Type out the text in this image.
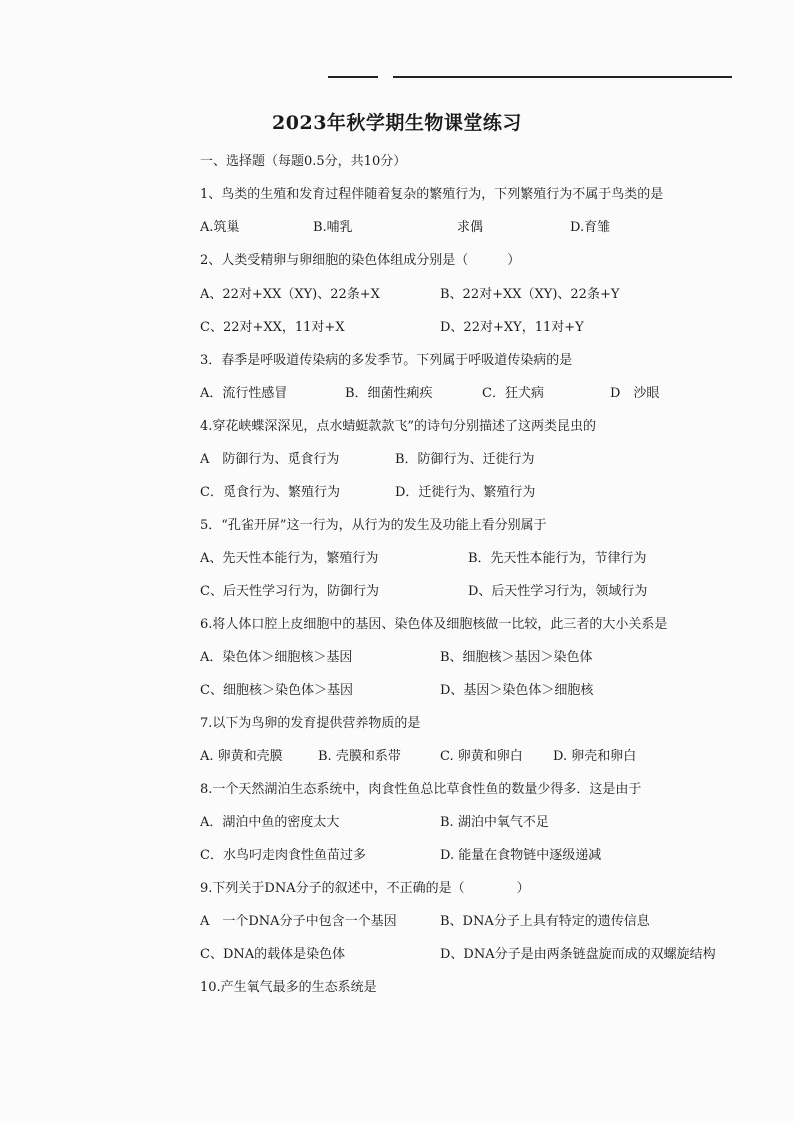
2023年秋学期生物课堂练习
一、选择题（每题0.5分，共10分）
1、鸟类的生殖和发育过程伴随着复杂的繁殖行为，下列繁殖行为不属于鸟类的是
A.筑巢	B.哺乳	求偶	D.育雏
2、人类受精卵与卵细胞的染色体组成分别是（　　　）
A、22对+XX（XY)、22条+X	B、22对+XX（XY)、22条+Y
C、22对+XX，11对+X	D、22对+XY，11对+Y
3．春季是呼吸道传染病的多发季节。下列属于呼吸道传染病的是
A．流行性感冒	B．细菌性痢疾	C．狂犬病	D　沙眼
4.穿花峡蝶深深见，点水蜻蜓款款飞”的诗句分别描述了这两类昆虫的
A　防御行为、觅食行为	B．防御行为、迁徙行为
C．觅食行为、繁殖行为	D．迁徙行为、繁殖行为
5．“孔雀开屏”这一行为，从行为的发生及功能上看分别属于
A、先天性本能行为，繁殖行为	B．先天性本能行为，节律行为
C、后天性学习行为，防御行为	D、后天性学习行为，领域行为
6.将人体口腔上皮细胞中的基因、染色体及细胞核做一比较，此三者的大小关系是
A．染色体＞细胞核＞基因	B、细胞核＞基因＞染色体
C、细胞核＞染色体＞基因	D、基因＞染色体＞细胞核
7.以下为鸟卵的发育提供营养物质的是
A. 卵黄和壳膜	B. 壳膜和系带	C. 卵黄和卵白 D. 卵壳和卵白
8.一个天然湖泊生态系统中，肉食性鱼总比草食性鱼的数量少得多．这是由于
A．湖泊中鱼的密度太大	B. 湖泊中氧气不足
C．水鸟叼走肉食性鱼苗过多	D. 能量在食物链中逐级递减
9.下列关于DNA分子的叙述中，不正确的是（　　　　）
A　一个DNA分子中包含一个基因	B、DNA分子上具有特定的遗传信息
C、DNA的载体是染色体	D、DNA分子是由两条链盘旋而成的双螺旋结构
10.产生氧气最多的生态系统是
